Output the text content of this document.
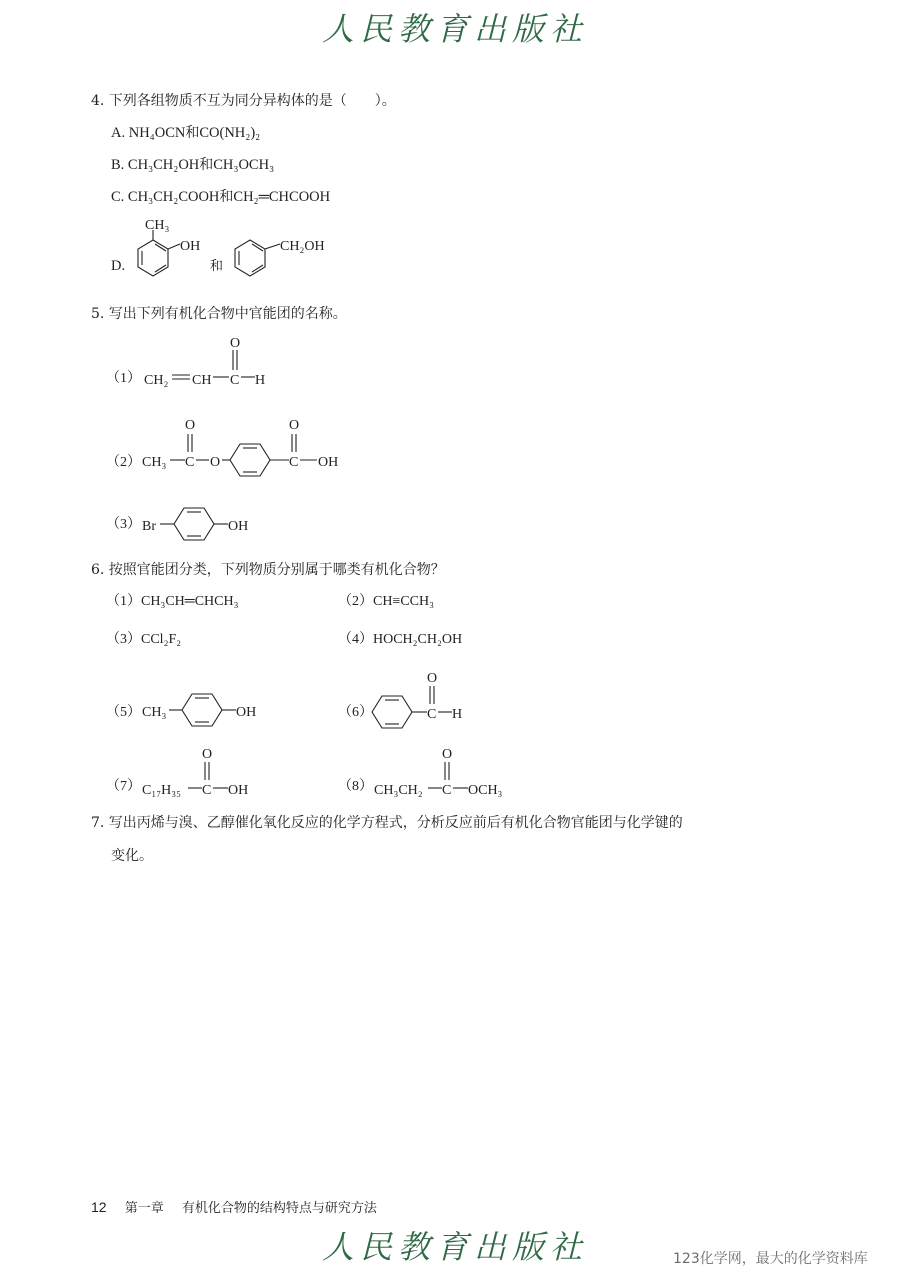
人民教育出版社
4. 下列各组物质不互为同分异构体的是（　　）。
A. NH₄OCN和CO(NH₂)₂
B. CH₃CH₂OH和CH₃OCH₃
C. CH₃CH₂COOH和CH₂═CHCOOH
D.
CH₃
OH
和
CH₂OH
5. 写出下列有机化合物中官能团的名称。
（1） CH₂ CH C
O
H
（2） CH₃ C
O
O	C
O
OH
（3） Br	OH
6. 按照官能团分类，下列物质分别属于哪类有机化合物？
（1）CH₃CH═CHCH₃	（2）CH≡CCH₃
（3）CCl₂F₂	（4）HOCH₂CH₂OH
（5） CH₃	OH	（6）	C
O
H
（7） C₁₇H₃₅ C
O
OH	（8） CH₃CH₂ C
O
OCH₃
7. 写出丙烯与溴、乙醇催化氧化反应的化学方程式，分析反应前后有机化合物官能团与化学键的
变化。
12 第一章 有机化合物的结构特点与研究方法
人民教育出版社	123化学网，最大的化学资料库
